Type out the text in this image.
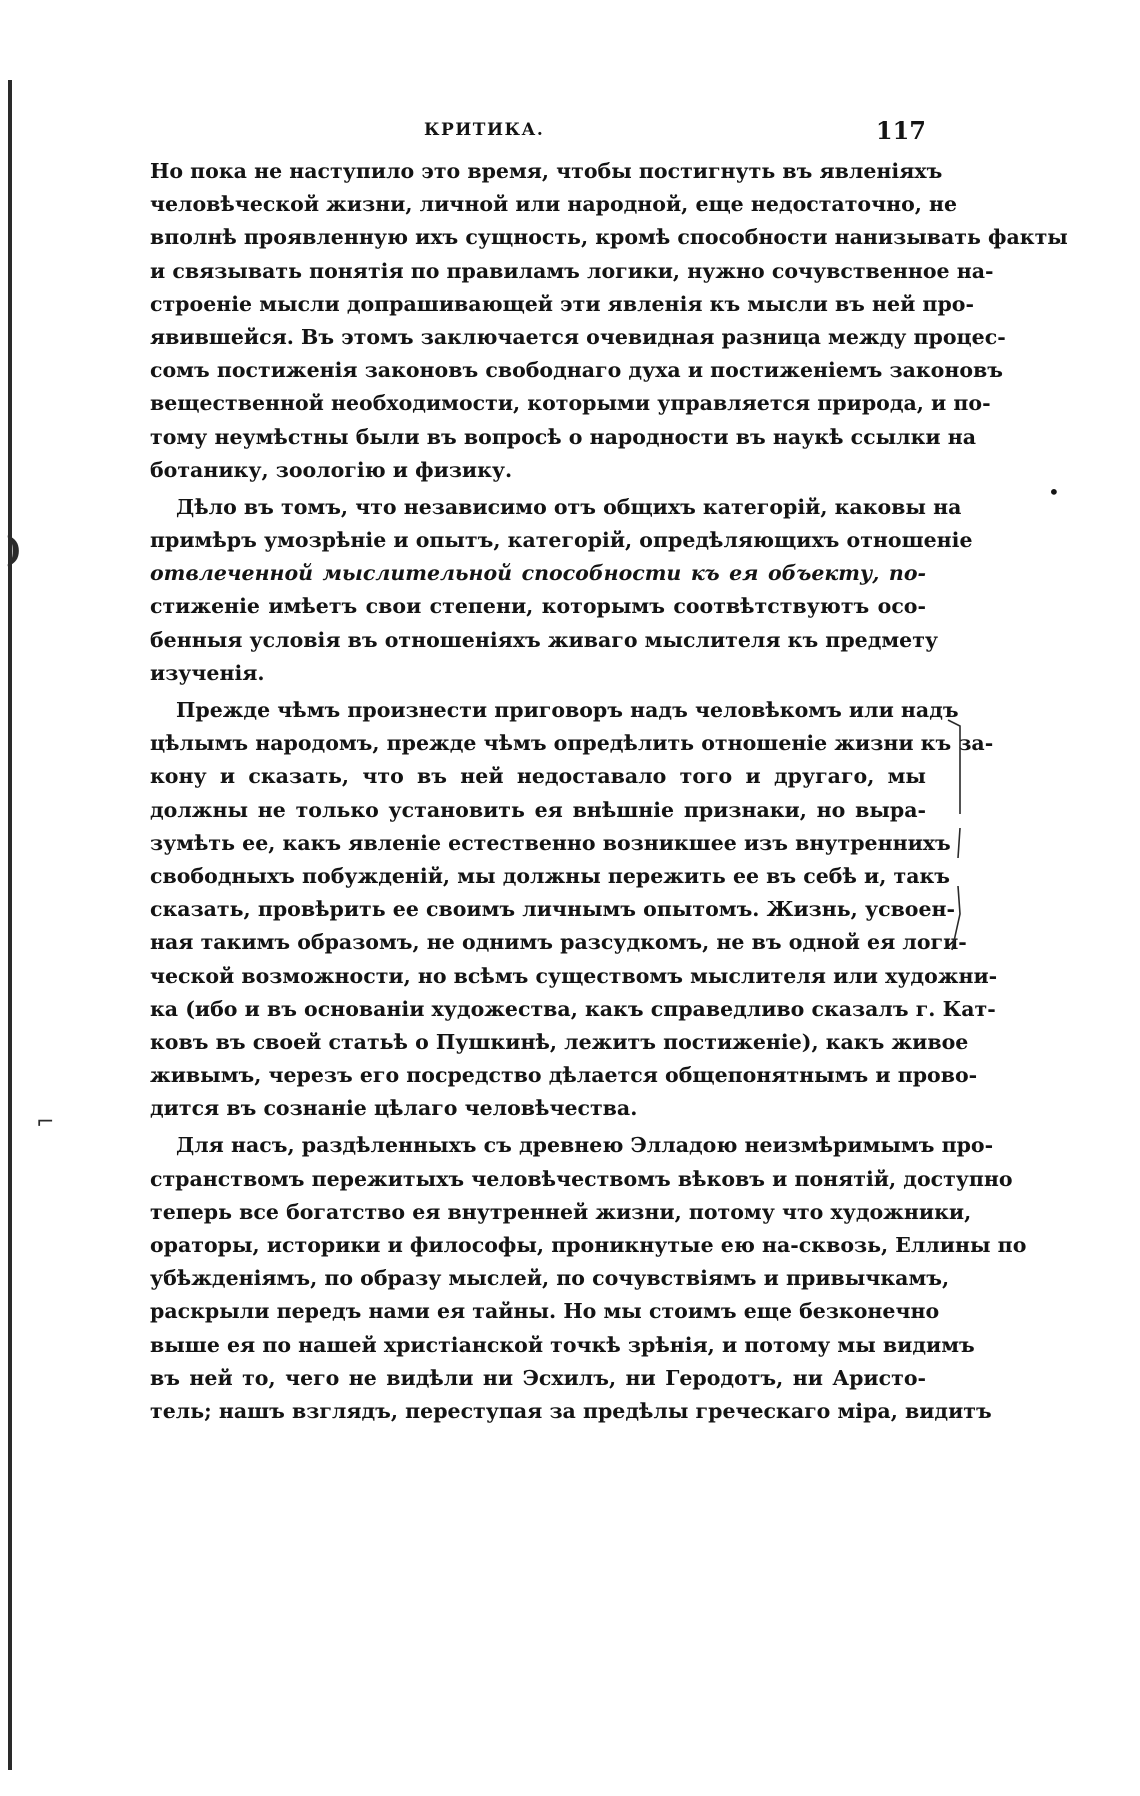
)
⌐
КРИТИКА.	117

Но пока не наступило это время, чтобы постигнуть въ явленіяхъ
человѣческой жизни, личной или народной, еще недостаточно, не
вполнѣ проявленную ихъ сущность, кромѣ способности нанизывать факты
и связывать понятія по правиламъ логики, нужно сочувственное на-
строеніе мысли допрашивающей эти явленія къ мысли въ ней про-
явившейся. Въ этомъ заключается очевидная разница между процес-
сомъ постиженія законовъ свободнаго духа и постиженіемъ законовъ
вещественной необходимости, которыми управляется природа, и по-
тому неумѣстны были въ вопросѣ о народности въ наукѣ ссылки на
ботанику, зоологію и физику.

Дѣло въ томъ, что независимо отъ общихъ категорій, каковы на
примѣръ умозрѣніе и опытъ, категорій, опредѣляющихъ отношеніе
отвлеченной мыслительной способности къ ея объекту, по-
стиженіе имѣетъ свои степени, которымъ соотвѣтствуютъ осо-
бенныя условія въ отношеніяхъ живаго мыслителя къ предмету
изученія.

Прежде чѣмъ произнести приговоръ надъ человѣкомъ или надъ
цѣлымъ народомъ, прежде чѣмъ опредѣлить отношеніе жизни къ за-
кону и сказать, что въ ней недоставало того и другаго, мы
должны не только установить ея внѣшніе признаки, но выра-
зумѣть ее, какъ явленіе естественно возникшее изъ внутреннихъ
свободныхъ побужденій, мы должны пережить ее въ себѣ и, такъ
сказать, провѣрить ее своимъ личнымъ опытомъ. Жизнь, усвоен-
ная такимъ образомъ, не однимъ разсудкомъ, не въ одной ея логи-
ческой возможности, но всѣмъ существомъ мыслителя или художни-
ка (ибо и въ основаніи художества, какъ справедливо сказалъ г. Кат-
ковъ въ своей статьѣ о Пушкинѣ, лежитъ постиженіе), какъ живое
живымъ, черезъ его посредство дѣлается общепонятнымъ и прово-
дится въ сознаніе цѣлаго человѣчества.

Для насъ, раздѣленныхъ съ древнею Элладою неизмѣримымъ про-
странствомъ пережитыхъ человѣчествомъ вѣковъ и понятій, доступно
теперь все богатство ея внутренней жизни, потому что художники,
ораторы, историки и философы, проникнутые ею на-сквозь, Еллины по
убѣжденіямъ, по образу мыслей, по сочувствіямъ и привычкамъ,
раскрыли передъ нами ея тайны. Но мы стоимъ еще безконечно
выше ея по нашей христіанской точкѣ зрѣнія, и потому мы видимъ
въ ней то, чего не видѣли ни Эсхилъ, ни Геродотъ, ни Аристо-
тель; нашъ взглядъ, переступая за предѣлы греческаго міра, видитъ

•
